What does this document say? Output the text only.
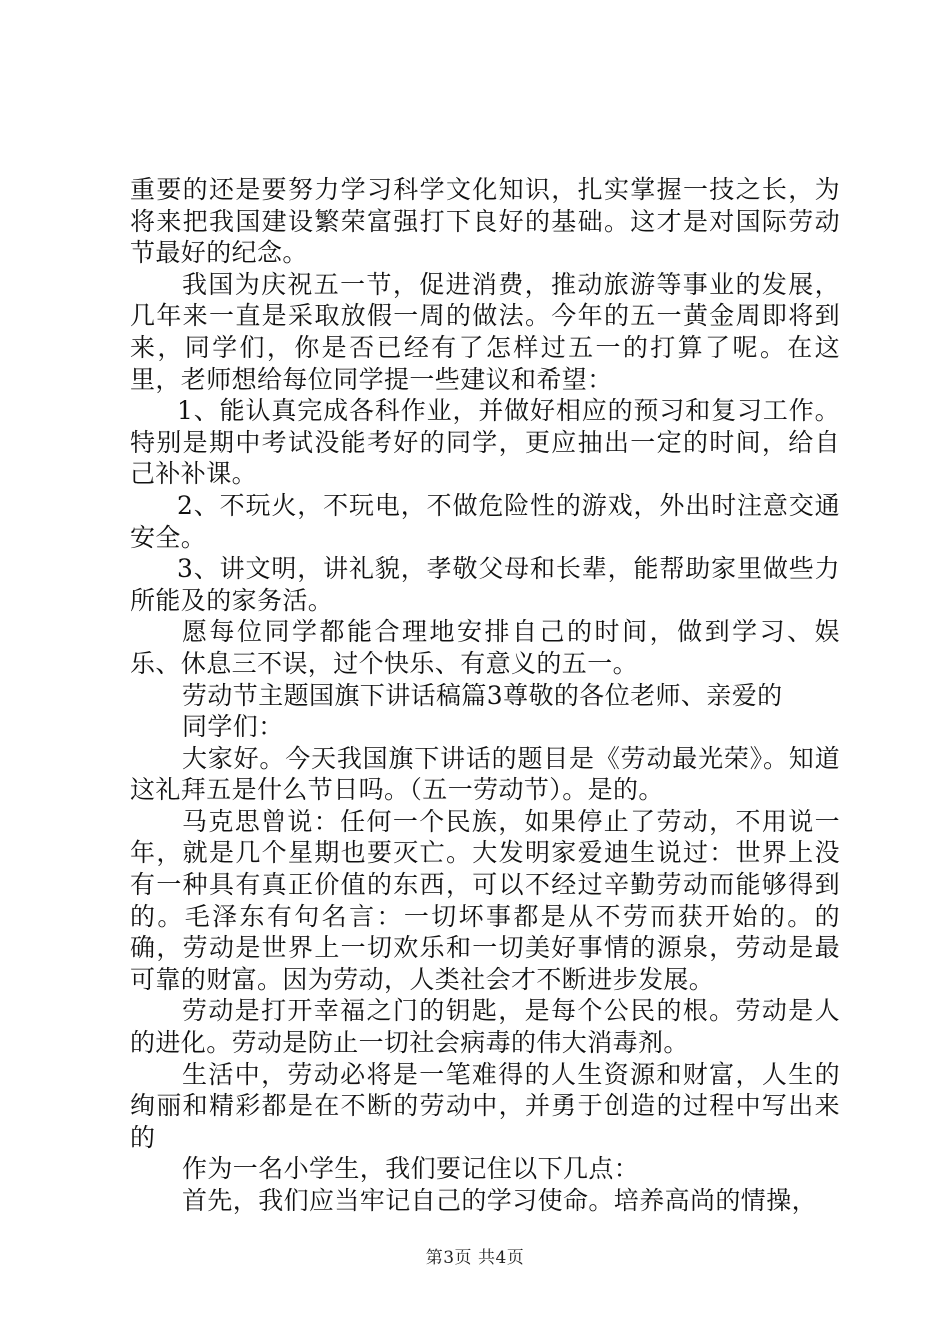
重要的还是要努力学习科学文化知识，扎实掌握一技之长，为将来把我国建设繁荣富强打下良好的基础。这才是对国际劳动节最好的纪念。

我国为庆祝五一节，促进消费，推动旅游等事业的发展，几年来一直是采取放假一周的做法。今年的五一黄金周即将到来，同学们，你是否已经有了怎样过五一的打算了呢。在这里，老师想给每位同学提一些建议和希望：

1、能认真完成各科作业，并做好相应的预习和复习工作。特别是期中考试没能考好的同学，更应抽出一定的时间，给自己补补课。

2、不玩火，不玩电，不做危险性的游戏，外出时注意交通安全。

3、讲文明，讲礼貌，孝敬父母和长辈，能帮助家里做些力所能及的家务活。

愿每位同学都能合理地安排自己的时间，做到学习、娱乐、休息三不误，过个快乐、有意义的五一。

劳动节主题国旗下讲话稿篇3尊敬的各位老师、亲爱的

同学们：

大家好。今天我国旗下讲话的题目是《劳动最光荣》。知道这礼拜五是什么节日吗。（五一劳动节）。是的。

马克思曾说：任何一个民族，如果停止了劳动，不用说一年，就是几个星期也要灭亡。大发明家爱迪生说过：世界上没有一种具有真正价值的东西，可以不经过辛勤劳动而能够得到的。毛泽东有句名言：一切坏事都是从不劳而获开始的。的确，劳动是世界上一切欢乐和一切美好事情的源泉，劳动是最可靠的财富。因为劳动，人类社会才不断进步发展。

劳动是打开幸福之门的钥匙，是每个公民的根。劳动是人的进化。劳动是防止一切社会病毒的伟大消毒剂。

生活中，劳动必将是一笔难得的人生资源和财富，人生的绚丽和精彩都是在不断的劳动中，并勇于创造的过程中写出来的

作为一名小学生，我们要记住以下几点：

首先，我们应当牢记自己的学习使命。培养高尚的情操，

第3页 共4页
